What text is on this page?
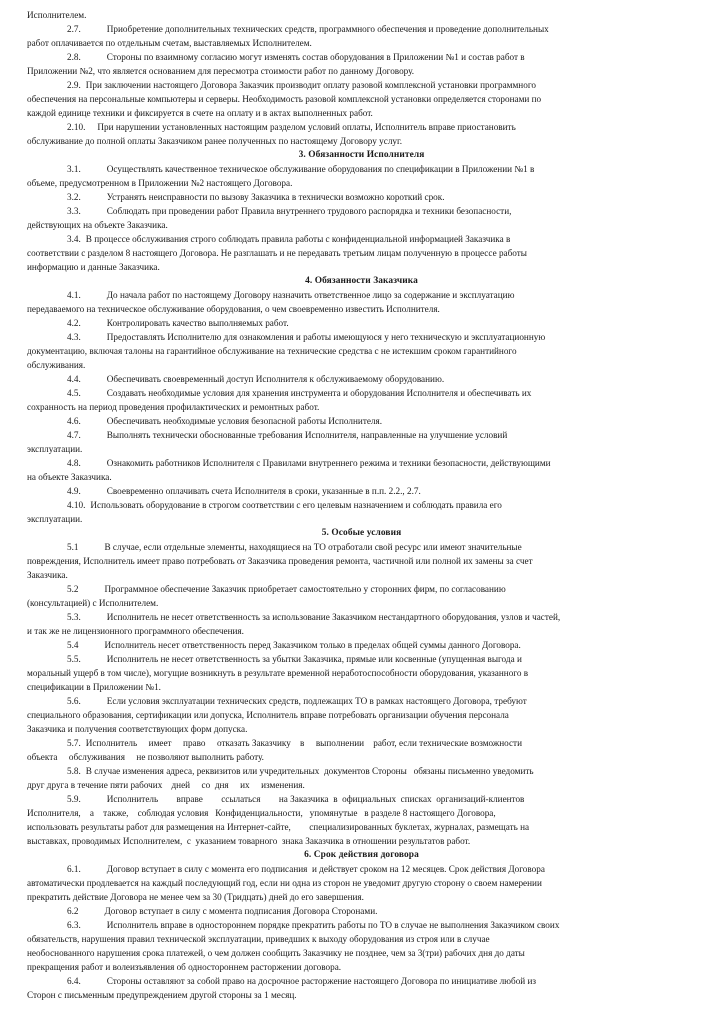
Исполнителем.

2.7.	Приобретение дополнительных технических средств, программного обеспечения и проведение дополнительных

работ оплачивается по отдельным счетам, выставляемых Исполнителем.

2.8.	Стороны по взаимному согласию могут изменять состав оборудования в Приложении №1 и состав работ в

Приложении №2, что является основанием для пересмотра стоимости работ по данному Договору.

2.9. При заключении настоящего Договора Заказчик производит оплату разовой комплексной установки программного

обеспечения на персональные компьютеры и серверы. Необходимость разовой комплексной установки определяется сторонами по

каждой единице техники и фиксируется в счете на оплату и в актах выполненных работ.

2.10. При нарушении установленных настоящим разделом условий оплаты, Исполнитель вправе приостановить

обслуживание до полной оплаты Заказчиком ранее полученных по настоящему Договору услуг.

3. Обязанности Исполнителя

3.1.	Осуществлять качественное техническое обслуживание оборудования по спецификации в Приложении №1 в

объеме, предусмотренном в Приложении №2 настоящего Договора.

3.2.	Устранять неисправности по вызову Заказчика в технически возможно короткий срок.

3.3.	Соблюдать при проведении работ Правила внутреннего трудового распорядка и техники безопасности,

действующих на объекте Заказчика.

3.4. В процессе обслуживания строго соблюдать правила работы с конфиденциальной информацией Заказчика в

соответствии с разделом 8 настоящего Договора. Не разглашать и не передавать третьим лицам полученную в процессе работы

информацию и данные Заказчика.

4. Обязанности Заказчика

4.1.	До начала работ по настоящему Договору назначить ответственное лицо за содержание и эксплуатацию

передаваемого на техническое обслуживание оборудования, о чем своевременно известить Исполнителя.

4.2.	Контролировать качество выполняемых работ.

4.3.	Предоставлять Исполнителю для ознакомления и работы имеющуюся у него техническую и эксплуатационную

документацию, включая талоны на гарантийное обслуживание на технические средства с не истекшим сроком гарантийного

обслуживания.

4.4.	Обеспечивать своевременный доступ Исполнителя к обслуживаемому оборудованию.

4.5.	Создавать необходимые условия для хранения инструмента и оборудования Исполнителя и обеспечивать их

сохранность на период проведения профилактических и ремонтных работ.

4.6.	Обеспечивать необходимые условия безопасной работы Исполнителя.

4.7.	Выполнять технически обоснованные требования Исполнителя, направленные на улучшение условий

эксплуатации.

4.8.	Ознакомить работников Исполнителя с Правилами внутреннего режима и техники безопасности, действующими

на объекте Заказчика.

4.9.	Своевременно оплачивать счета Исполнителя в сроки, указанные в п.п. 2.2., 2.7.

4.10. Использовать оборудование в строгом соответствии с его целевым назначением и соблюдать правила его

эксплуатации.

5. Особые условия

5.1	В случае, если отдельные элементы, находящиеся на ТО отработали свой ресурс или имеют значительные

повреждения, Исполнитель имеет право потребовать от Заказчика проведения ремонта, частичной или полной их замены за счет

Заказчика.

5.2	Программное обеспечение Заказчик приобретает самостоятельно у сторонних фирм, по согласованию

(консультацией) с Исполнителем.

5.3.	Исполнитель не несет ответственность за использование Заказчиком нестандартного оборудования, узлов и частей,

и так же не лицензионного программного обеспечения.

5.4	Исполнитель несет ответственность перед Заказчиком только в пределах общей суммы данного Договора.

5.5.	Исполнитель не несет ответственность за убытки Заказчика, прямые или косвенные (упущенная выгода и

моральный ущерб в том числе), могущие возникнуть в результате временной неработоспособности оборудования, указанного в

спецификации в Приложении №1.

5.6.	Если условия эксплуатации технических средств, подлежащих ТО в рамках настоящего Договора, требуют

специального образования, сертификации или допуска, Исполнитель вправе потребовать организации обучения персонала

Заказчика и получения соответствующих форм допуска.

5.7. Исполнитель     имеет     право     отказать Заказчику    в     выполнении    работ, если технические возможности

объекта     обслуживания     не позволяют выполнить работу.

5.8. В случае изменения адреса, реквизитов или учредительных  документов Стороны   обязаны письменно уведомить

друг друга в течение пяти рабочих    дней     со  дня     их     изменения.

5.9.	Исполнитель        вправе        ссылаться        на Заказчика  в  официальных  списках  организаций-клиентов

Исполнителя,    а    также,    соблюдая условия   Конфиденциальности,   упомянутые   в разделе 8 настоящего Договора,

использовать результаты работ для размещения на Интернет-сайте,        специализированных буклетах, журналах, размещать на

выставках, проводимых Исполнителем,  с  указанием товарного  знака Заказчика в отношении результатов работ.

6. Срок действия договора

6.1.	Договор вступает в силу с момента его подписания  и действует сроком на 12 месяцев. Срок действия Договора

автоматически продлевается на каждый последующий год, если ни одна из сторон не уведомит другую сторону о своем намерении

прекратить действие Договора не менее чем за 30 (Тридцать) дней до его завершения.

6.2	Договор вступает в силу с момента подписания Договора Сторонами.

6.3.	Исполнитель вправе в одностороннем порядке прекратить работы по ТО в случае не выполнения Заказчиком своих

обязательств, нарушения правил технической эксплуатации, приведших к выходу оборудования из строя или в случае

необоснованного нарушения срока платежей, о чем должен сообщить Заказчику не позднее, чем за 3(три) рабочих дня до даты

прекращения работ и волеизъявления об одностороннем расторжении договора.

6.4.	Стороны оставляют за собой право на досрочное расторжение настоящего Договора по инициативе любой из

Сторон с письменным предупреждением другой стороны за 1 месяц.
